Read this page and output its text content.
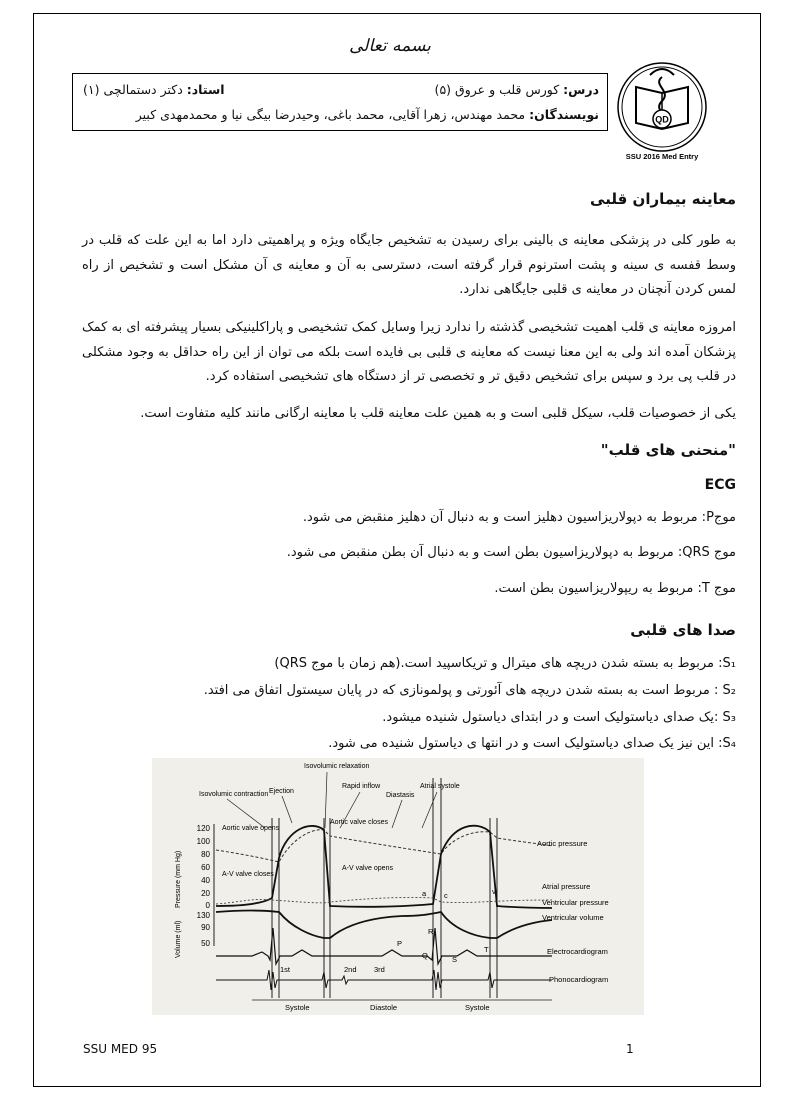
بسمه تعالی
QD
SSU 2016 Med Entry
درس: کورس قلب و عروق (۵)
استاد: دکتر دستمالچی (۱)
نویسندگان: محمد مهندس، زهرا آقایی، محمد باغی، وحیدرضا بیگی نیا و محمدمهدی کبیر
معاینه بیماران قلبی
به طور کلی در پزشکی معاینه ی بالینی برای رسیدن به تشخیص جایگاه ویژه و پراهمیتی دارد اما به این علت که قلب در وسط قفسه ی سینه و پشت استرنوم قرار گرفته است، دسترسی به آن و معاینه ی آن مشکل است و تشخیص از راه لمس کردن آنچنان در معاینه ی قلبی جایگاهی ندارد.
امروزه معاینه ی قلب اهمیت تشخیصی گذشته را ندارد زیرا وسایل کمک تشخیصی و پاراکلینیکی بسیار پیشرفته ای به کمک پزشکان آمده اند ولی به این معنا نیست که معاینه ی قلبی بی فایده است بلکه می توان از این راه حداقل به وجود مشکلی در قلب پی برد و سپس برای تشخیص دقیق تر و تخصصی تر از دستگاه های تشخیصی استفاده کرد.
یکی از خصوصیات قلب، سیکل قلبی است و به همین علت معاینه قلب با معاینه ارگانی مانند کلیه متفاوت است.
"منحنی های قلب"
ECG
موجP: مربوط به دپولاریزاسیون دهلیز است و به دنبال آن دهلیز منقبض می شود.
موج QRS: مربوط به دپولاریزاسیون بطن است و به دنبال آن بطن منقبض می شود.
موج T: مربوط به ریپولاریزاسیون بطن است.
صدا های قلبی
S₁: مربوط به بسته شدن دریچه های میترال و تریکاسپید است.(هم زمان با موج QRS)
S₂ : مربوط است به بسته شدن دریچه های آئورتی و پولمونازی که در پایان سیستول اتفاق می افتد.
S₃ :یک صدای دیاستولیک است و در ابتدای دیاستول شنیده میشود.
S₄: این نیز یک صدای دیاستولیک است و در انتها ی دیاستول شنیده می شود.
Isovolumic relaxation
Rapid inflow
Diastasis
Atrial systole
Ejection
Isovolumic contraction
Pressure (mm Hg)
Volume (ml)
120
100
80
60
40
20
0
130
90
50
Aortic valve opens
A-V valve closes
Aortic valve closes
A-V valve opens
Aortic pressure
Atrial pressure
Ventricular pressure
Ventricular volume
Electrocardiogram
Phonocardiogram
a c	v
P
Q
R
S
T
1st	2nd 3rd
Systole	Diastole	Systole
SSU MED 95	1
